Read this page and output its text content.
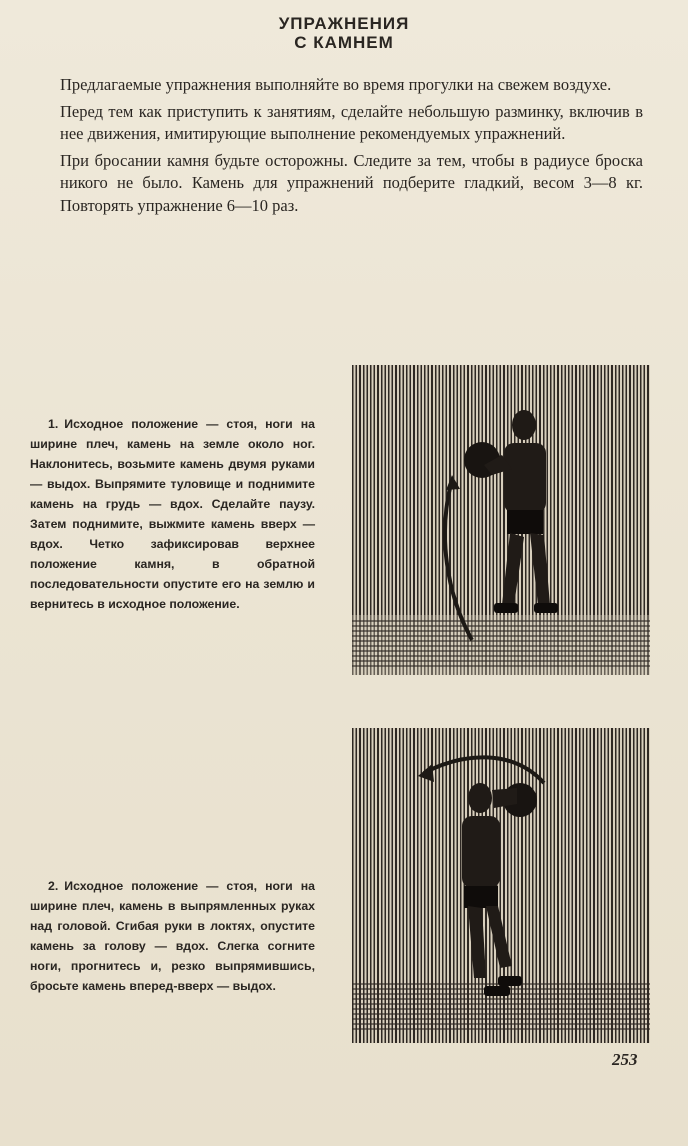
УПРАЖНЕНИЯ
С КАМНЕМ

Предлагаемые упражнения выполняйте во время прогулки на свежем воздухе.

Перед тем как приступить к занятиям, сделайте небольшую разминку, включив в нее движения, имитирующие выполнение рекомендуемых упражнений.

При бросании камня будьте осторожны. Следите за тем, чтобы в радиусе броска никого не было. Камень для упражнений подберите гладкий, весом 3—8 кг. Повторять упражнение 6—10 раз.

1. Исходное положение — стоя, ноги на ширине плеч, камень на земле около ног. Наклонитесь, возьмите камень двумя руками — выдох. Выпрямите туловище и поднимите камень на грудь — вдох. Сделайте паузу. Затем поднимите, выжмите камень вверх — вдох. Четко зафиксировав верхнее положение камня, в обратной последовательности опустите его на землю и вернитесь в исходное положение.
2. Исходное положение — стоя, ноги на ширине плеч, камень в выпрямленных руках над головой. Сгибая руки в локтях, опустите камень за голову — вдох. Слегка согните ноги, прогнитесь и, резко выпрямившись, бросьте камень вперед-вверх — выдох.
253
